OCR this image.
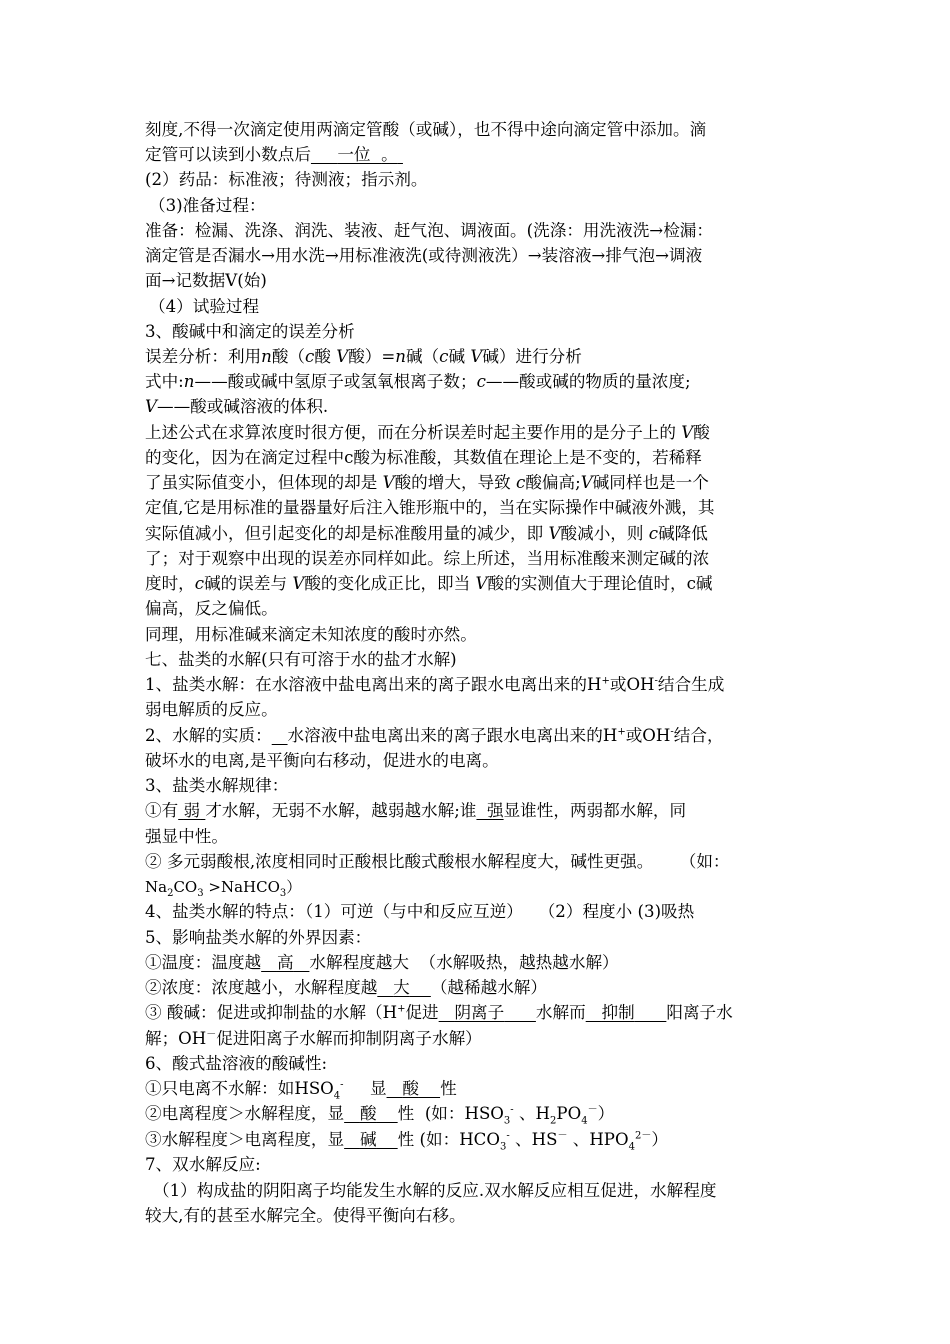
刻度,不得一次滴定使用两滴定管酸（或碱），也不得中途向滴定管中添加。滴
定管可以读到小数点后 一位 。
(2）药品：标准液；待测液；指示剂。
（3)准备过程：
准备：检漏、洗涤、润洗、装液、赶气泡、调液面。(洗涤：用洗液洗→检漏：
滴定管是否漏水→用水洗→用标准液洗(或待测液洗）→装溶液→排气泡→调液
面→记数据V(始)
（4）试验过程
3、酸碱中和滴定的误差分析
误差分析：利用n酸（c酸 V酸）=n碱（c碱 V碱）进行分析
式中:n——酸或碱中氢原子或氢氧根离子数；c——酸或碱的物质的量浓度;
V——酸或碱溶液的体积.
上述公式在求算浓度时很方便，而在分析误差时起主要作用的是分子上的 V酸
的变化，因为在滴定过程中c酸为标准酸，其数值在理论上是不变的，若稀释
了虽实际值变小，但体现的却是 V酸的增大，导致 c酸偏高;V碱同样也是一个
定值,它是用标准的量器量好后注入锥形瓶中的，当在实际操作中碱液外溅，其
实际值减小，但引起变化的却是标准酸用量的减少，即 V酸减小，则 c碱降低
了；对于观察中出现的误差亦同样如此。综上所述，当用标准酸来测定碱的浓
度时，c碱的误差与 V酸的变化成正比，即当 V酸的实测值大于理论值时，c碱
偏高，反之偏低。
同理，用标准碱来滴定未知浓度的酸时亦然。
七、盐类的水解(只有可溶于水的盐才水解)
1、盐类水解：在水溶液中盐电离出来的离子跟水电离出来的H+或OH-结合生成
弱电解质的反应。
2、水解的实质： 水溶液中盐电离出来的离子跟水电离出来的H+或OH-结合，
破坏水的电离,是平衡向右移动，促进水的电离。
3、盐类水解规律：
①有 弱 才水解，无弱不水解，越弱越水解;谁 强显谁性，两弱都水解，同
强显中性。
② 多元弱酸根,浓度相同时正酸根比酸式酸根水解程度大，碱性更强。 （如：
$Na_2CO_3$ >NaHCO$_3$）
4、盐类水解的特点：（1）可逆（与中和反应互逆） （2）程度小 (3)吸热
5、影响盐类水解的外界因素：
①温度：温度越 高 水解程度越大 （水解吸热，越热越水解）
②浓度：浓度越小，水解程度越 大 （越稀越水解）
③ 酸碱：促进或抑制盐的水解（H+促进 阴离子 水解而 抑制 阳离子水
解；OH－促进阳离子水解而抑制阴离子水解）
6、酸式盐溶液的酸碱性:
①只电离不水解：如$HSO_4^-$ 显 酸 性
②电离程度＞水解程度，显 酸 性 (如：$HSO_3^-$ 、$H_2PO_4^-$）
③水解程度＞电离程度，显 碱 性 (如：$HCO_3^-$ 、HS－ 、$HPO_4^{2-}$）
7、双水解反应:
（1）构成盐的阴阳离子均能发生水解的反应.双水解反应相互促进，水解程度
较大,有的甚至水解完全。使得平衡向右移。
